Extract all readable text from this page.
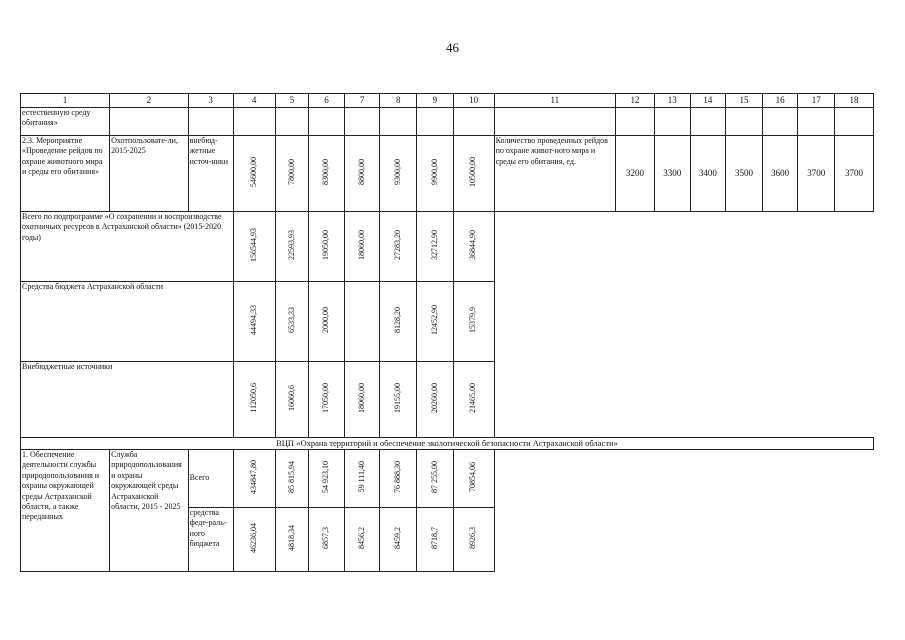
46
1	2	3	4	5	6	7	8	9	10	11	12	13	14	15	16	17	18
естественную среду обитания»																	
2.3. Мероприятие «Проведение рейдов по охране животного мира и среды его обитания»	Охотпользовате-ли, 2015-2025	внебюд-жетные источ-ники	54600,00	7800,00	8300,00	8800,00	9300,00	9900,00	10500,00	Количество проведенных рейдов по охране живот-ного мира и среды его обитания, ед.	3200	3300	3400	3500	3600	3700	3700
Всего по подпрограмме «О сохранении и воспроизводстве охотничьих ресурсов в Астраханской области» (2015-2020 годы)			156544,93	22593,93	19050,00	18060,00	27283,20	32712,90	36844,90								
Средства бюджета Астраханской области			44494,33	6533,33	2000,00		8128,20	12452,90	15379,9								
Внебюджетные источники			112050,6	16060,6	17050,00	18060,00	19155,00	20260,00	21465,00								
ВЦП «Охрана территорий и обеспечение экологической безопасности Астраханской области»																	
1. Обеспечение деятельности службы природопользования и охраны окружающей среды Астраханской области, а также переданных	Служба природопользования и охраны окружающей среды Астраханской области, 2015 - 2025	Всего	434847,80	85 815,94	54 923,10	59 111,40	76 888,30	87 255,00	70854,06								
		средства феде-раль-ного бюджета	46236,04	4818,34	6857,3	8456,2	8459,2	8718,7	8926,3								
